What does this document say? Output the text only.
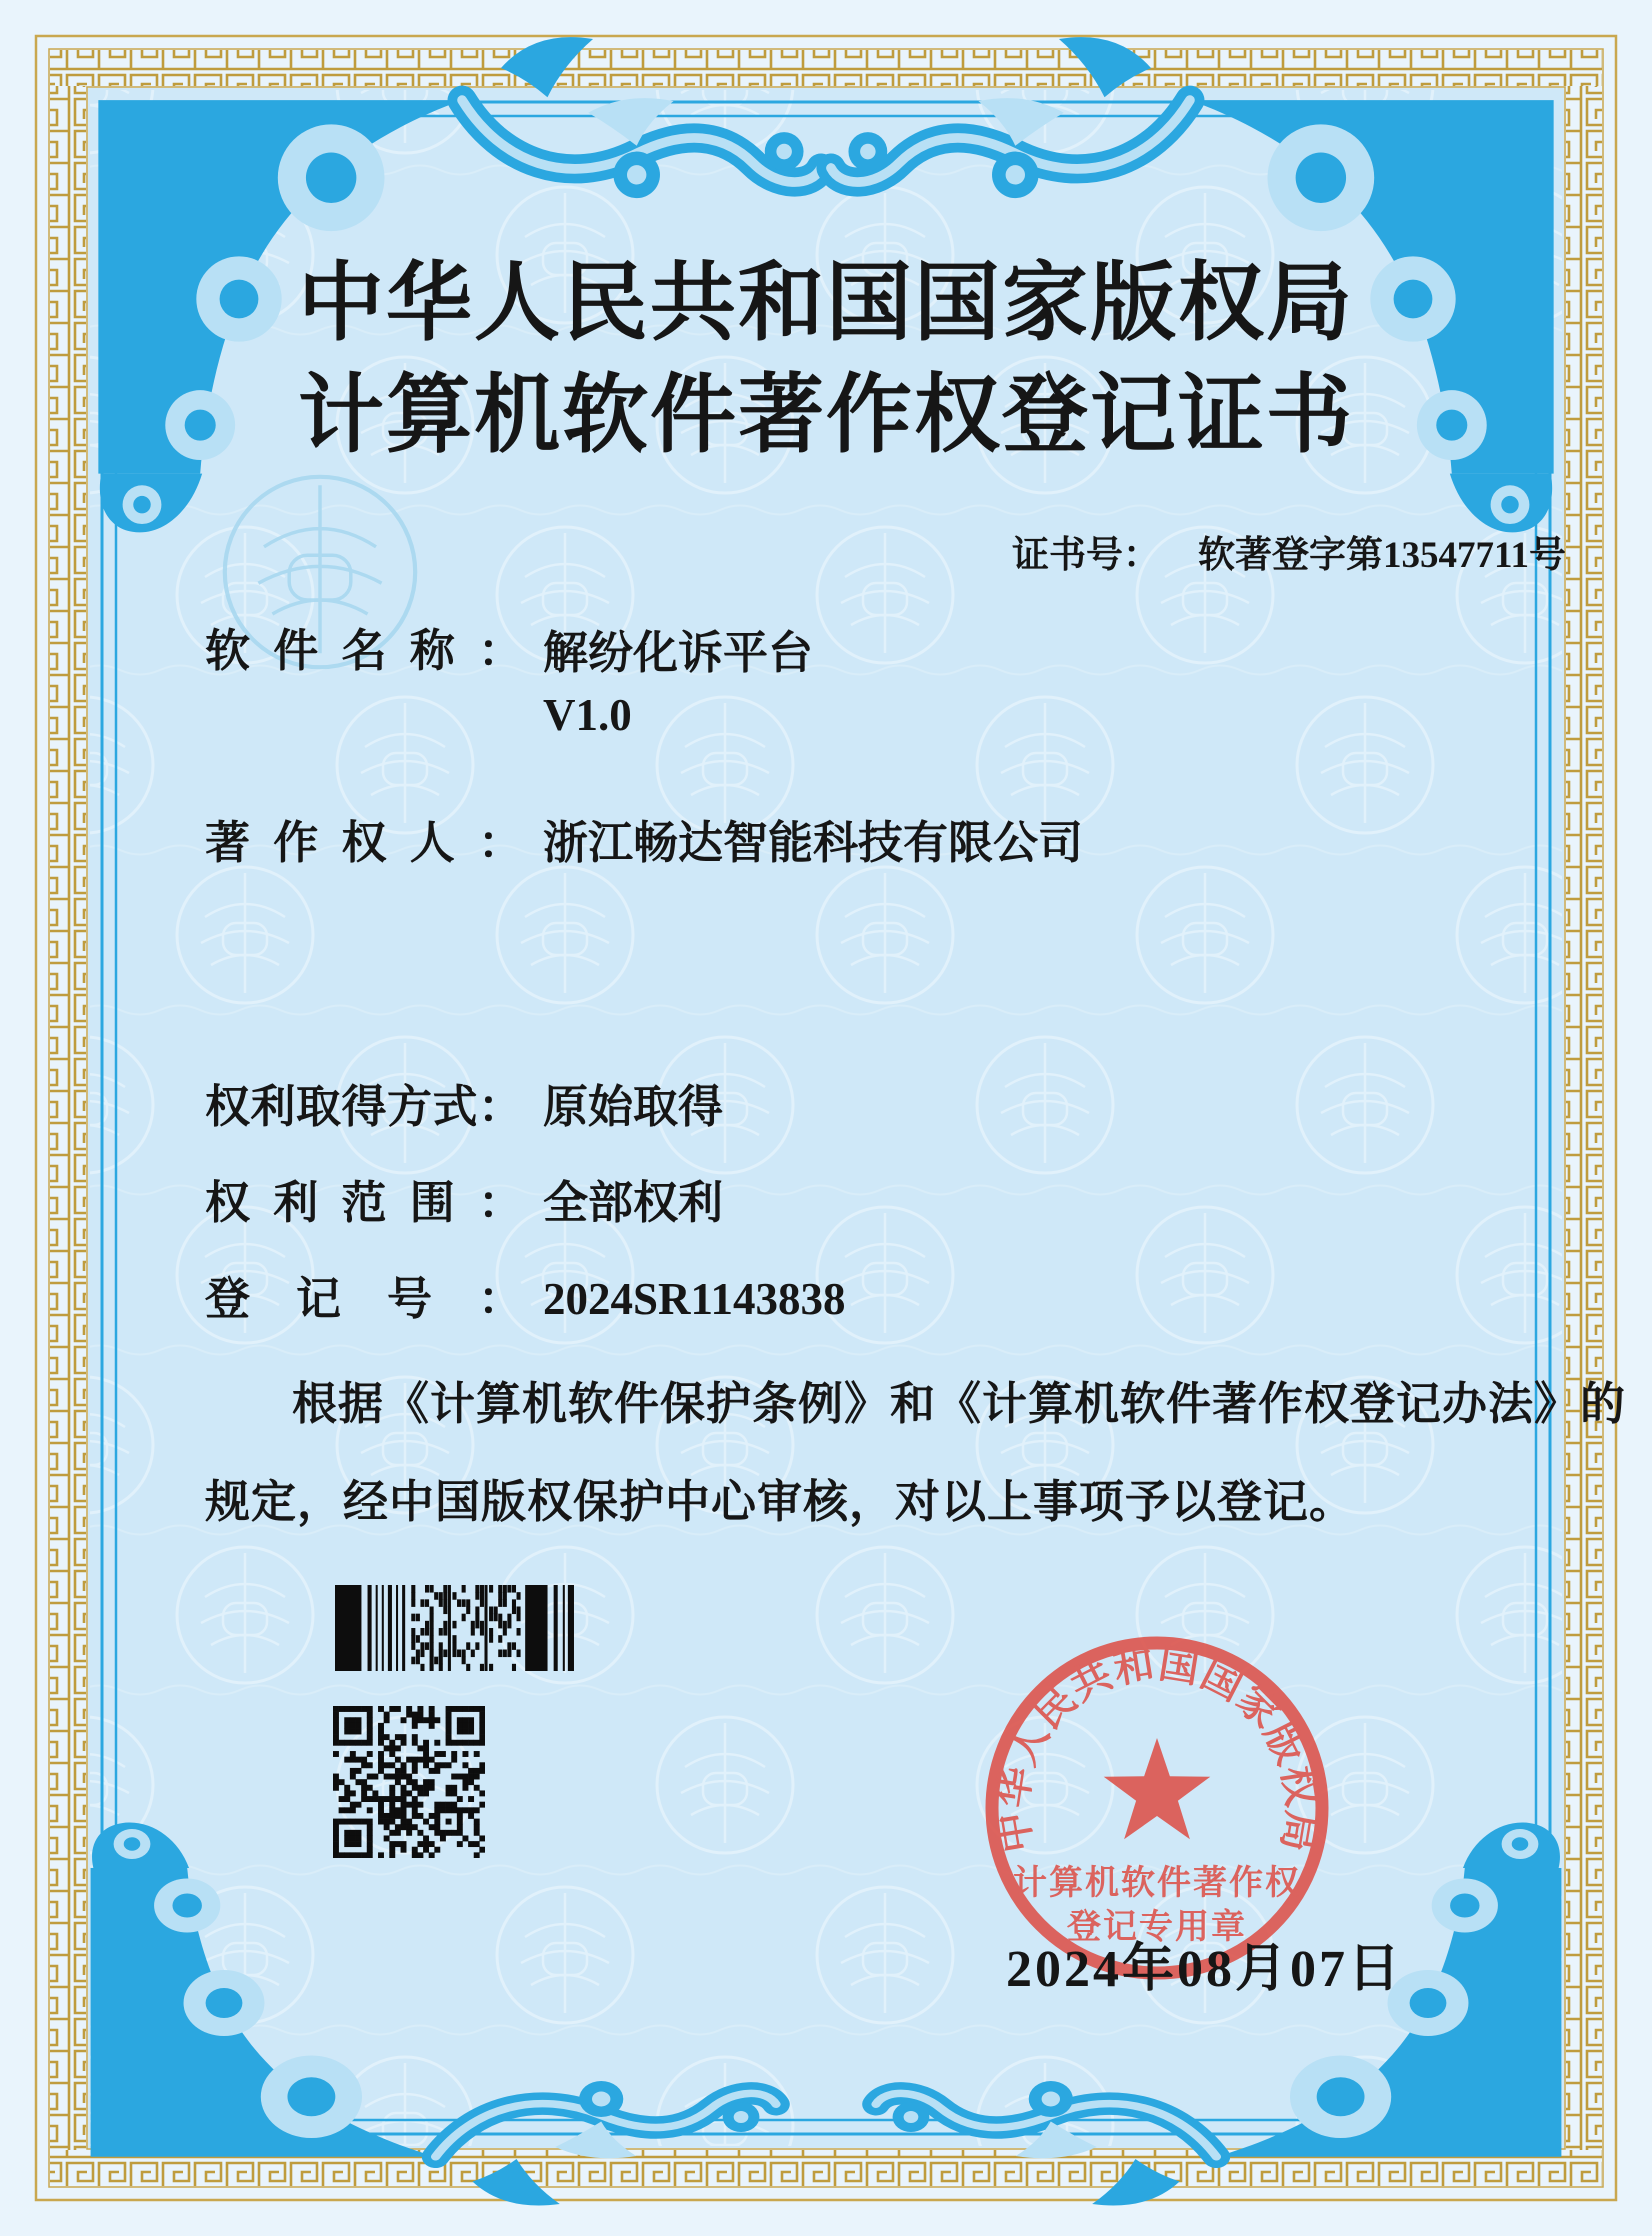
中华人民共和国国家版权局
计算机软件著作权登记证书
证书号： 软著登字第13547711号
软件名称： 解纷化诉平台
V1.0
著作权人： 浙江畅达智能科技有限公司
权利取得方式： 原始取得
权利范围： 全部权利
登记号： 2024SR1143838
根据《计算机软件保护条例》和《计算机软件著作权登记办法》的
规定，经中国版权保护中心审核，对以上事项予以登记。
中华人民共和国国家版权局
计算机软件著作权
登记专用章
2024年08月07日
